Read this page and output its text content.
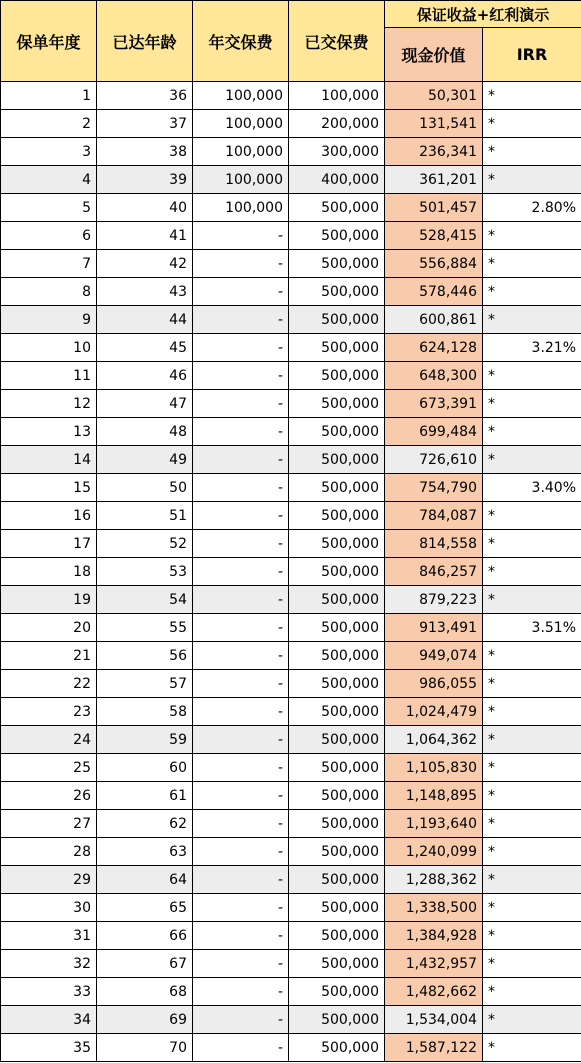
保单年度	已达年龄	年交保费	已交保费	保证收益+红利演示	
				现金价值	IRR
1	36	100,000	100,000	50,301	*
2	37	100,000	200,000	131,541	*
3	38	100,000	300,000	236,341	*
4	39	100,000	400,000	361,201	*
5	40	100,000	500,000	501,457	2.80%
6	41	-	500,000	528,415	*
7	42	-	500,000	556,884	*
8	43	-	500,000	578,446	*
9	44	-	500,000	600,861	*
10	45	-	500,000	624,128	3.21%
11	46	-	500,000	648,300	*
12	47	-	500,000	673,391	*
13	48	-	500,000	699,484	*
14	49	-	500,000	726,610	*
15	50	-	500,000	754,790	3.40%
16	51	-	500,000	784,087	*
17	52	-	500,000	814,558	*
18	53	-	500,000	846,257	*
19	54	-	500,000	879,223	*
20	55	-	500,000	913,491	3.51%
21	56	-	500,000	949,074	*
22	57	-	500,000	986,055	*
23	58	-	500,000	1,024,479	*
24	59	-	500,000	1,064,362	*
25	60	-	500,000	1,105,830	*
26	61	-	500,000	1,148,895	*
27	62	-	500,000	1,193,640	*
28	63	-	500,000	1,240,099	*
29	64	-	500,000	1,288,362	*
30	65	-	500,000	1,338,500	*
31	66	-	500,000	1,384,928	*
32	67	-	500,000	1,432,957	*
33	68	-	500,000	1,482,662	*
34	69	-	500,000	1,534,004	*
35	70	-	500,000	1,587,122	*
